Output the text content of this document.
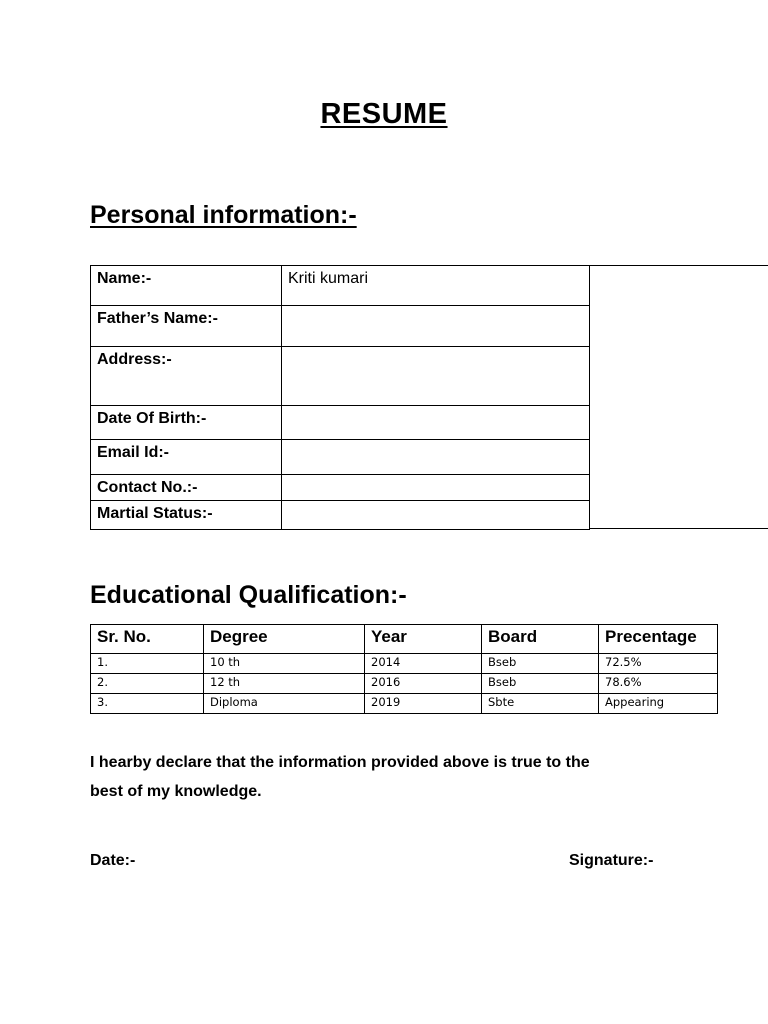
RESUME
Personal information:-
Name:-	Kriti kumari
Father’s Name:-	
Address:-	
Date Of Birth:-	
Email Id:-	
Contact No.:-	
Martial Status:-	
Educational Qualification:-
Sr. No.	Degree	Year	Board	Precentage
1.	10 th	2014	Bseb	72.5%
2.	12 th	2016	Bseb	78.6%
3.	Diploma	2019	Sbte	Appearing
I hearby declare that the information provided above is true to the
best of my knowledge.
Date:-	Signature:-
